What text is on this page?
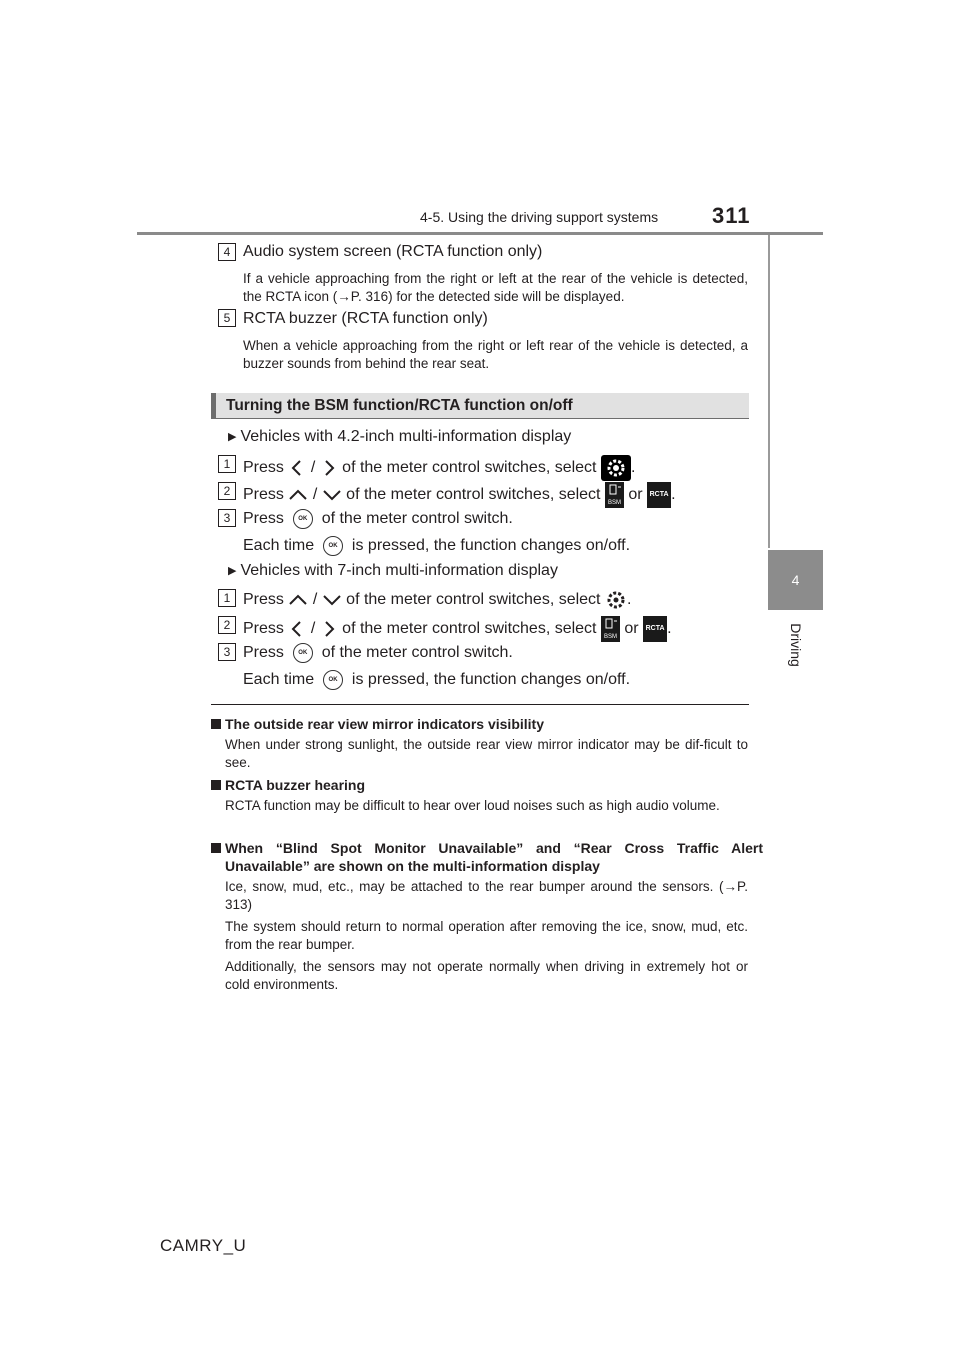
4-5. Using the driving support systems 311
4
Driving
4 Audio system screen (RCTA function only)
If a vehicle approaching from the right or left at the rear of the vehicle is detected, the RCTA icon (→P. 316) for the detected side will be displayed.
5 RCTA buzzer (RCTA function only)
When a vehicle approaching from the right or left rear of the vehicle is detected, a buzzer sounds from behind the rear seat.
Turning the BSM function/RCTA function on/off
▶ Vehicles with 4.2-inch multi-information display
1 Press / of the meter control switches, select .
2 Press / of the meter control switches, select BSM or RCTA .
3 Press OK of the meter control switch.
Each time OK is pressed, the function changes on/off.
▶ Vehicles with 7-inch multi-information display
1 Press / of the meter control switches, select .
2 Press / of the meter control switches, select BSM or RCTA .
3 Press OK of the meter control switch.
Each time OK is pressed, the function changes on/off.
The outside rear view mirror indicators visibility
When under strong sunlight, the outside rear view mirror indicator may be dif-ficult to see.
RCTA buzzer hearing
RCTA function may be difficult to hear over loud noises such as high audio volume.
When “Blind Spot Monitor Unavailable” and “Rear Cross Traffic Alert Unavailable” are shown on the multi-information display
Ice, snow, mud, etc., may be attached to the rear bumper around the sensors. (→P. 313)
The system should return to normal operation after removing the ice, snow, mud, etc. from the rear bumper.
Additionally, the sensors may not operate normally when driving in extremely hot or cold environments.
CAMRY_U
